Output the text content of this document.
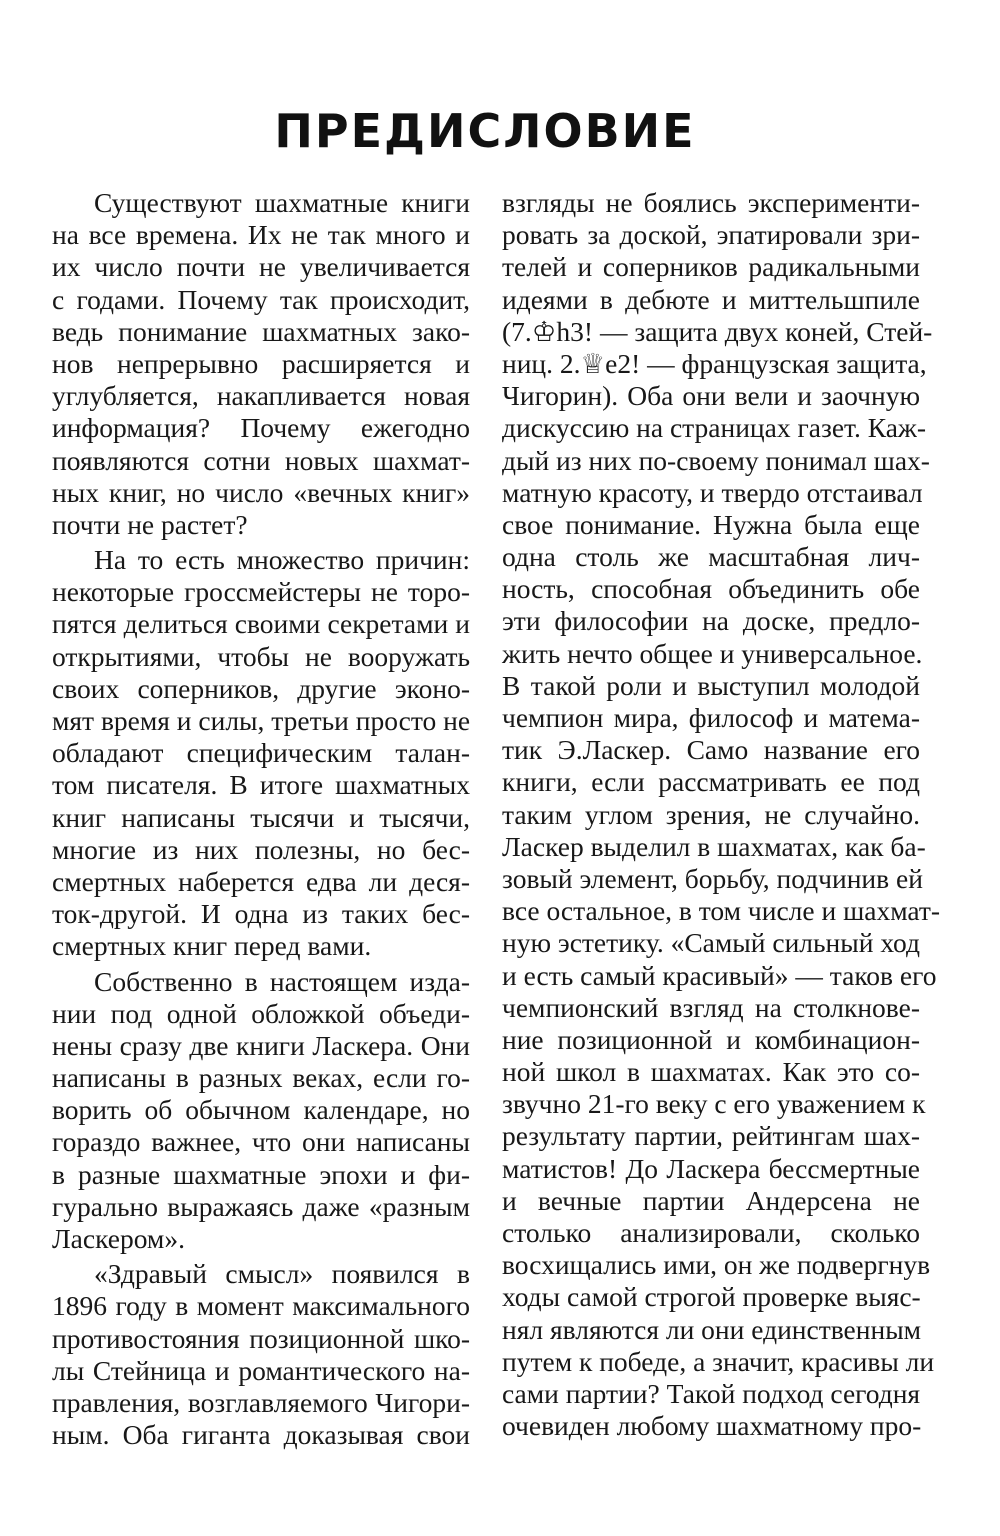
ПРЕДИСЛОВИЕ
Существуют шахматные книги
на все времена. Их не так много и
их число почти не увеличивается
с годами. Почему так происходит,
ведь понимание шахматных зако-
нов непрерывно расширяется и
углубляется, накапливается новая
информация? Почему ежегодно
появляются сотни новых шахмат-
ных книг, но число «вечных книг»
почти не растет?
На то есть множество причин:
некоторые гроссмейстеры не торо-
пятся делиться своими секретами и
открытиями, чтобы не вооружать
своих соперников, другие эконо-
мят время и силы, третьи просто не
обладают специфическим талан-
том писателя. В итоге шахматных
книг написаны тысячи и тысячи,
многие из них полезны, но бес-
смертных наберется едва ли деся-
ток-другой. И одна из таких бес-
смертных книг перед вами.
Собственно в настоящем изда-
нии под одной обложкой объеди-
нены сразу две книги Ласкера. Они
написаны в разных веках, если го-
ворить об обычном календаре, но
гораздо важнее, что они написаны
в разные шахматные эпохи и фи-
гурально выражаясь даже «разным
Ласкером».
«Здравый смысл» появился в
1896 году в момент максимального
противостояния позиционной шко-
лы Стейница и романтического на-
правления, возглавляемого Чигори-
ным. Оба гиганта доказывая свои
взгляды не боялись эксперименти-
ровать за доской, эпатировали зри-
телей и соперников радикальными
идеями в дебюте и миттельшпиле
(7.♔h3! — защита двух коней, Стей-
ниц. 2.♕e2! — французская защита,
Чигорин). Оба они вели и заочную
дискуссию на страницах газет. Каж-
дый из них по-своему понимал шах-
матную красоту, и твердо отстаивал
свое понимание. Нужна была еще
одна столь же масштабная лич-
ность, способная объединить обе
эти философии на доске, предло-
жить нечто общее и универсальное.
В такой роли и выступил молодой
чемпион мира, философ и матема-
тик Э.Ласкер. Само название его
книги, если рассматривать ее под
таким углом зрения, не случайно.
Ласкер выделил в шахматах, как ба-
зовый элемент, борьбу, подчинив ей
все остальное, в том числе и шахмат-
ную эстетику. «Самый сильный ход
и есть самый красивый» — таков его
чемпионский взгляд на столкнове-
ние позиционной и комбинацион-
ной школ в шахматах. Как это со-
звучно 21-го веку с его уважением к
результату партии, рейтингам шах-
матистов! До Ласкера бессмертные
и вечные партии Андерсена не
столько анализировали, сколько
восхищались ими, он же подвергнув
ходы самой строгой проверке выяс-
нял являются ли они единственным
путем к победе, а значит, красивы ли
сами партии? Такой подход сегодня
очевиден любому шахматному про-
